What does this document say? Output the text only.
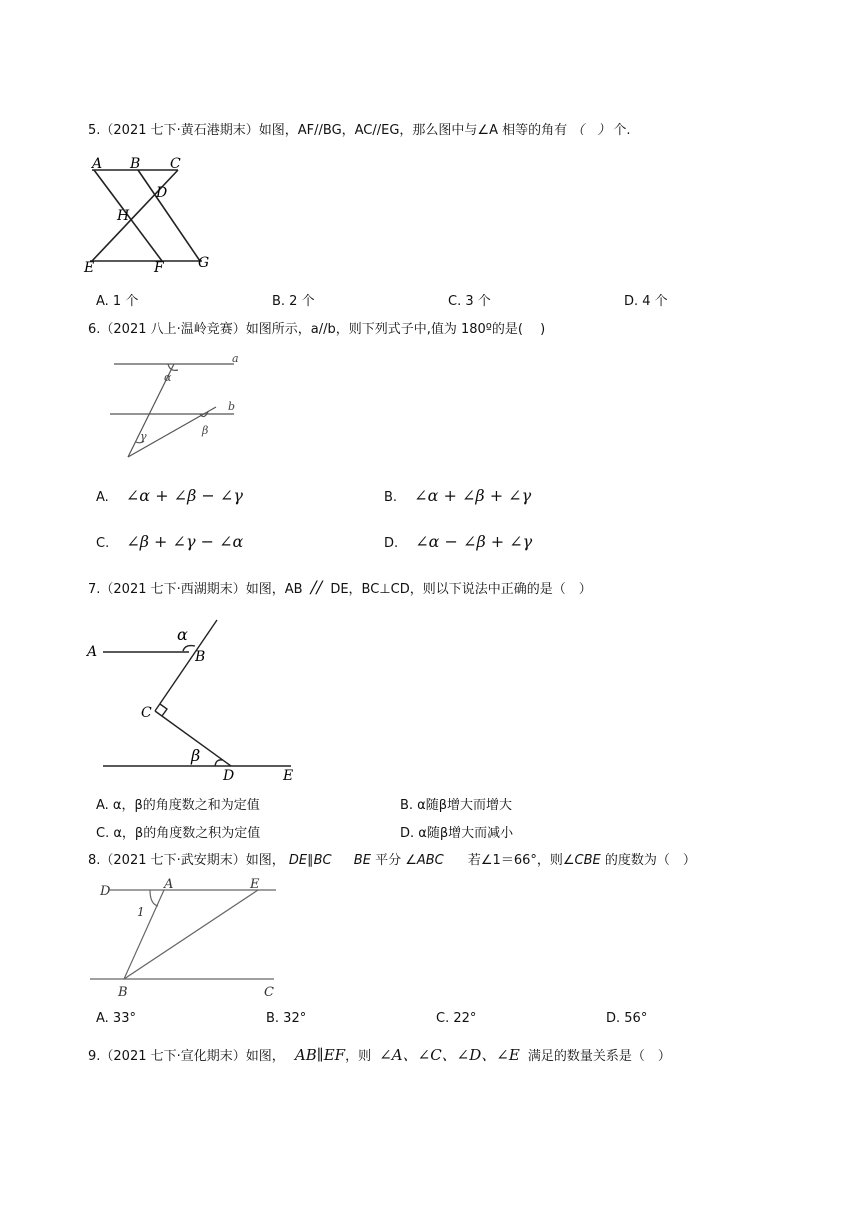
5.（2021 七下·黄石港期末）如图，AF//BG，AC//EG，那么图中与∠A 相等的角有 （　） 个.
A B C
D
H
E	F G
A. 1 个	B. 2 个	C. 3 个	D. 4 个
6.（2021 八上·温岭竞赛）如图所示，a//b，则下列式子中,值为 180º的是(　 )
a
b
α
β
γ
A. ∠α + ∠β − ∠γ	B. ∠α + ∠β + ∠γ
C. ∠β + ∠γ − ∠α	D. ∠α − ∠β + ∠γ
7.（2021 七下·西湖期末）如图，AB // DE，BC⊥CD，则以下说法中正确的是（　）
A	B
C
D	E
α
β
A. α，β的角度数之和为定值	B. α随β增大而增大
C. α，β的角度数之积为定值	D. α随β增大而减小
8.（2021 七下·武安期末）如图， DE∥BC BE 平分 ∠ABC 若∠1＝66°，则∠CBE 的度数为（　）
D	A	E
1
B	C
A. 33°	B. 32°	C. 22°	D. 56°
9.（2021 七下·宣化期末）如图， AB∥EF，则 ∠A、∠C、∠D、∠E 满足的数量关系是（　）
